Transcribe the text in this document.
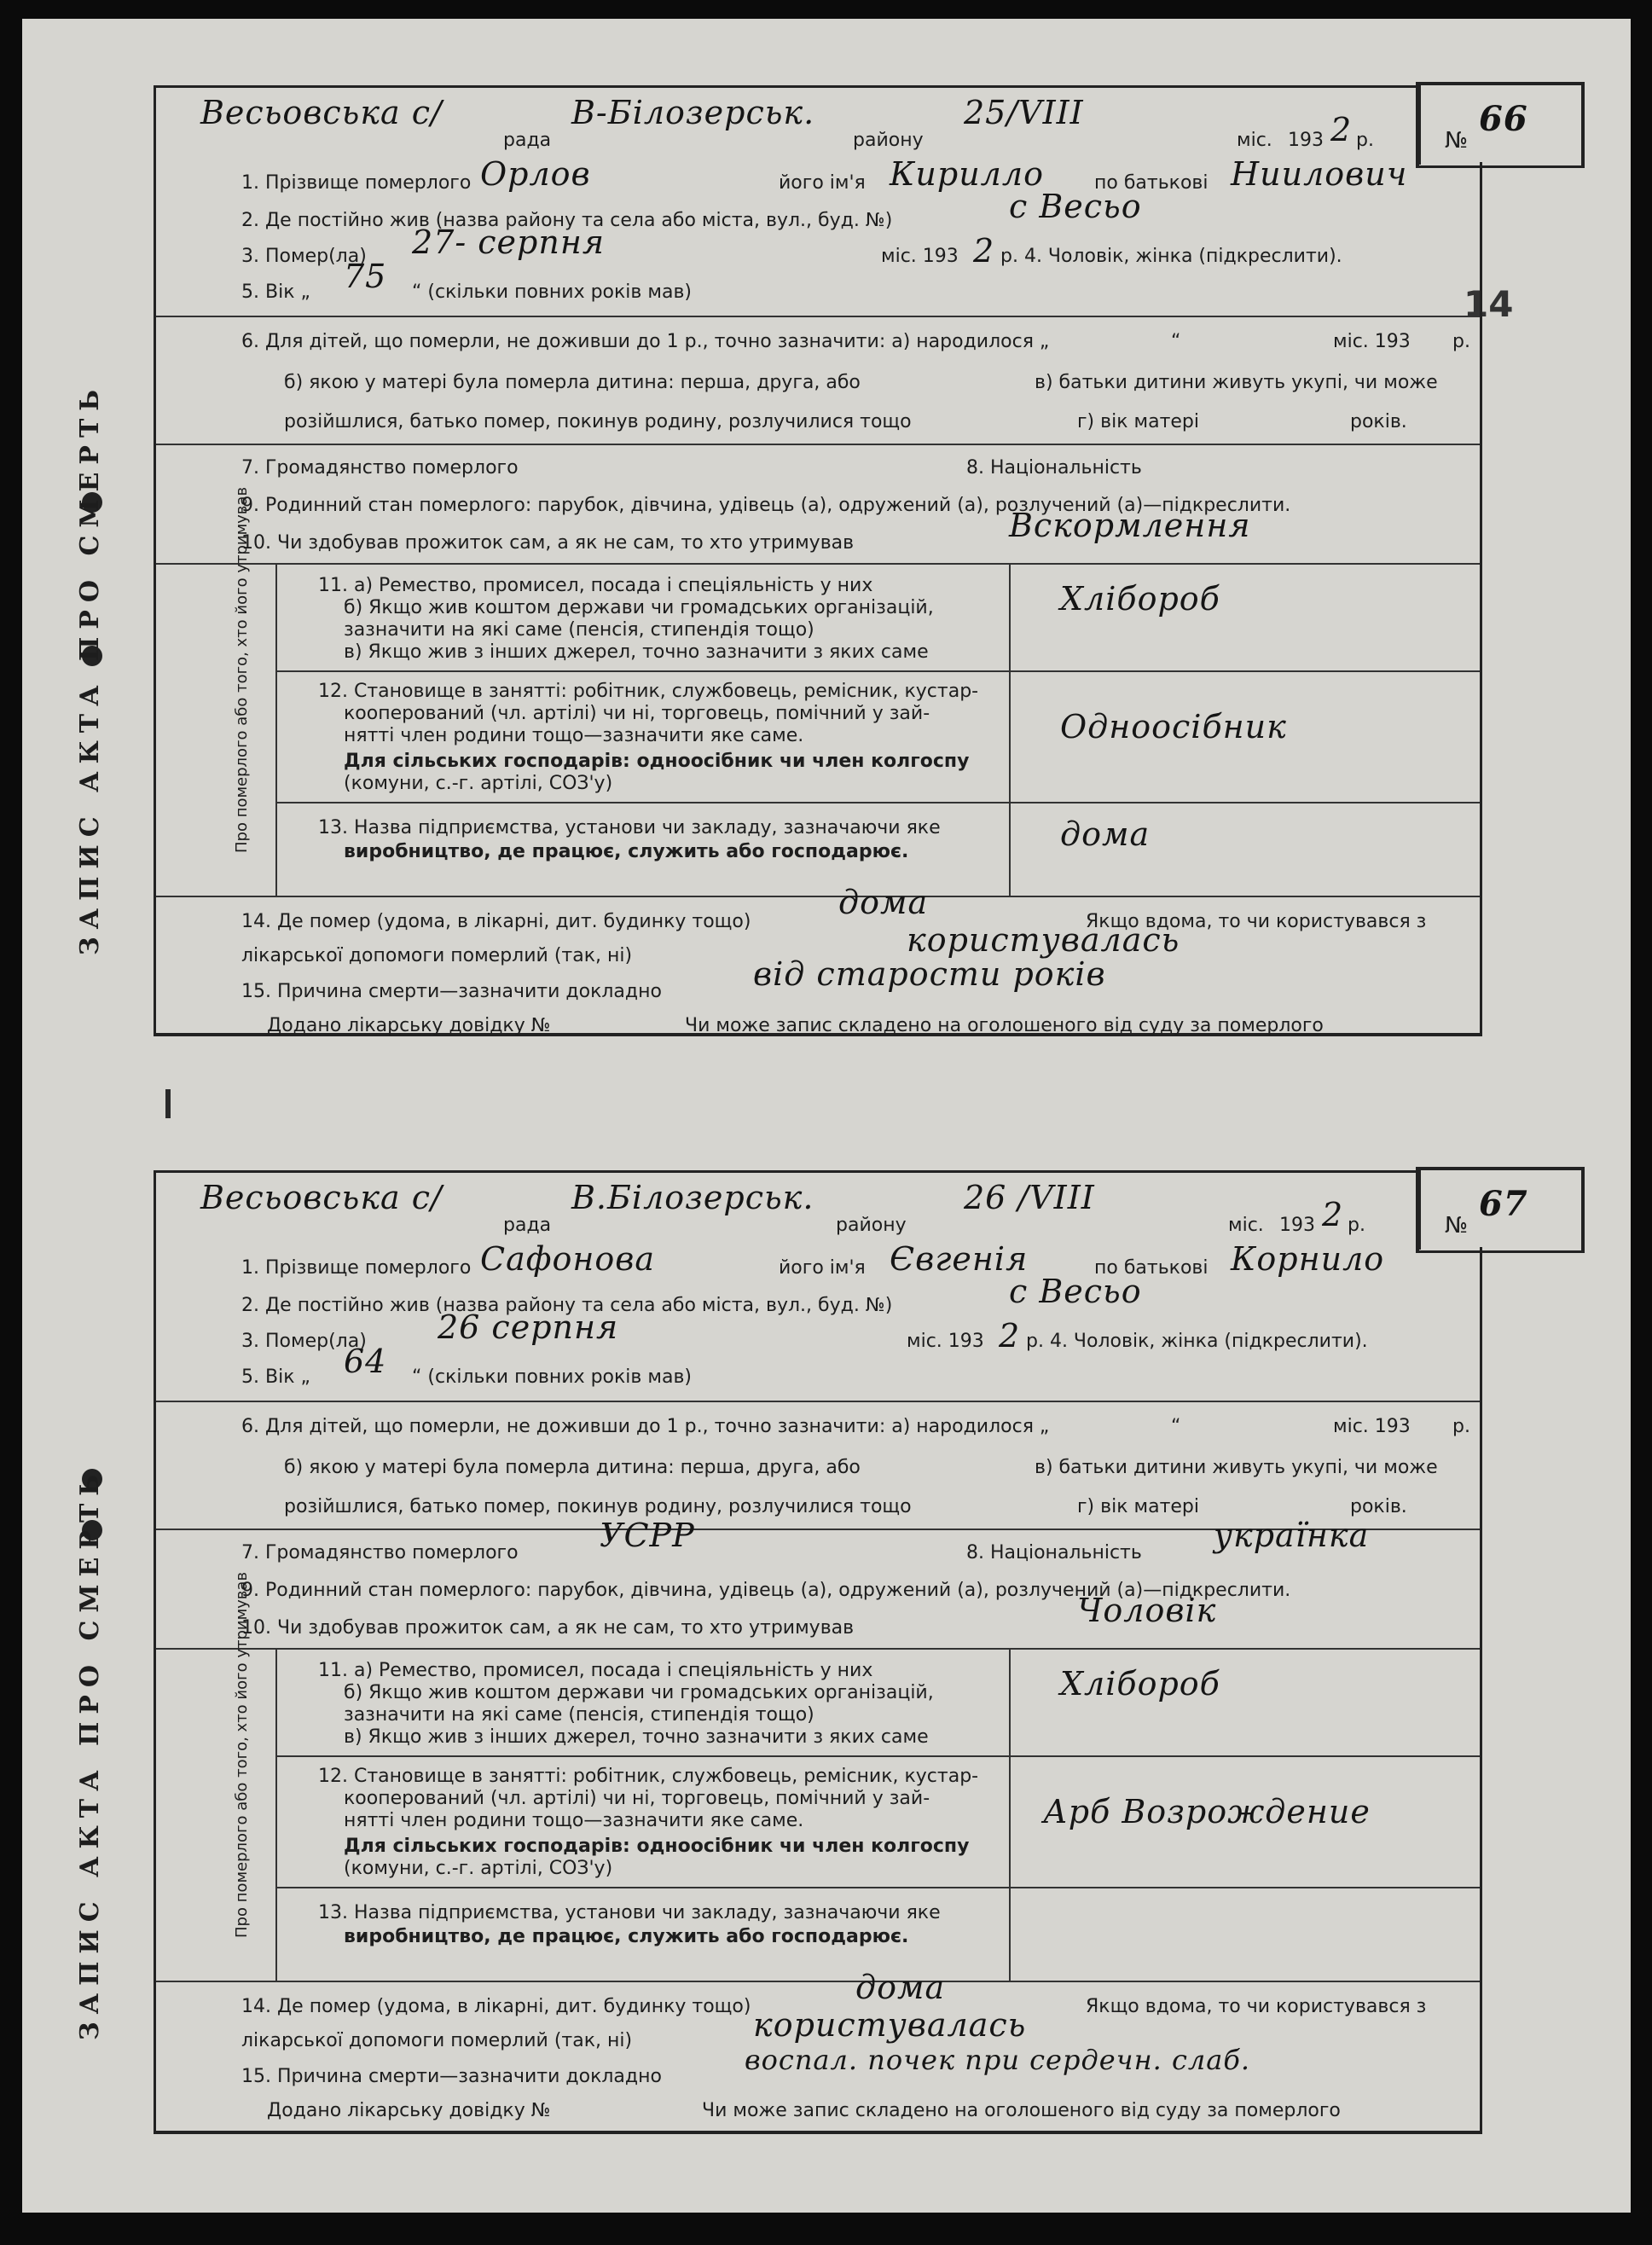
14
ЗАПИС АКТА ПРО СМЕРТЬ
№
66
Весьовська с/
рада
В-Білозерськ.
району
25/VIII
міс. 193 2 р.
1. Прізвище померлого Орлов	його ім'я Кирилло	по батькові Ниилович
2. Де постійно жив (назва району та села або міста, вул., буд. №)	с Весьо
3. Помер(ла) 27- серпня	міс. 193 2 р. 4. Чоловік, жінка (підкреслити).
5. Вік „ 75 “ (скільки повних років мав)
6. Для дітей, що померли, не доживши до 1 р., точно зазначити: а) народилося „	“	міс. 193 р.
б) якою у матері була померла дитина: перша, друга, або	в) батьки дитини живуть укупі, чи може
розійшлися, батько помер, покинув родину, розлучилися тощо	г) вік матері	років.
7. Громадянство померлого	8. Національність
9. Родинний стан померлого: парубок, дівчина, удівець (а), одружений (а), розлучений (а)—підкреслити.
10. Чи здобував прожиток сам, а як не сам, то хто утримував	Вскормлення
Про померлого або того, хто його утримував	11. а) Ремество, промисел, посада і спеціяльність у них
б) Якщо жив коштом держави чи громадських організацій,
зазначити на які саме (пенсія, стипендія тощо)
в) Якщо жив з інших джерел, точно зазначити з яких саме
Хлібороб
12. Становище в занятті: робітник, службовець, ремісник, кустар-
кооперований (чл. артілі) чи ні, торговець, помічний у зай-
нятті член родини тощо—зазначити яке саме.
Для сільських господарів: одноосібник чи член колгоспу
(комуни, с.-г. артілі, СОЗ'у)
Одноосібник
13. Назва підприємства, установи чи закладу, зазначаючи яке
виробництво, де працює, служить або господарює.	дома
14. Де помер (удома, в лікарні, дит. будинку тощо)
дома
Якщо вдома, то чи користувався з
лікарської допомоги померлий (так, ні)	користувалась
15. Причина смерти—зазначити докладно	від старости років
Додано лікарську довідку №	Чи може запис складено на оголошеного від суду за померлого
ЗАПИС АКТА ПРО СМЕРТЬ
№
67
Весьовська с/
рада
В.Білозерськ.
району
26 /VIII
міс. 193 2 р.
1. Прізвище померлого Сафонова	його ім'я Євгенія	по батькові Корнило
2. Де постійно жив (назва району та села або міста, вул., буд. №)	с Весьо
3. Помер(ла) 26 серпня	міс. 193 2 р. 4. Чоловік, жінка (підкреслити).
5. Вік „ 64 “ (скільки повних років мав)
6. Для дітей, що померли, не доживши до 1 р., точно зазначити: а) народилося „	“	міс. 193 р.
б) якою у матері була померла дитина: перша, друга, або	в) батьки дитини живуть укупі, чи може
розійшлися, батько помер, покинув родину, розлучилися тощо	г) вік матері	років.
7. Громадянство померлого	УСРР	8. Національність українка
9. Родинний стан померлого: парубок, дівчина, удівець (а), одружений (а), розлучений (а)—підкреслити.
10. Чи здобував прожиток сам, а як не сам, то хто утримував	Чоловік
Про померлого або того, хто його утримував	11. а) Ремество, промисел, посада і спеціяльність у них
б) Якщо жив коштом держави чи громадських організацій,
зазначити на які саме (пенсія, стипендія тощо)
в) Якщо жив з інших джерел, точно зазначити з яких саме
Хлібороб
12. Становище в занятті: робітник, службовець, ремісник, кустар-
кооперований (чл. артілі) чи ні, торговець, помічний у зай-
нятті член родини тощо—зазначити яке саме.
Для сільських господарів: одноосібник чи член колгоспу
(комуни, с.-г. артілі, СОЗ'у)
Арб Возрождение
13. Назва підприємства, установи чи закладу, зазначаючи яке
виробництво, де працює, служить або господарює.
14. Де помер (удома, в лікарні, дит. будинку тощо)
дома
Якщо вдома, то чи користувався з
лікарської допомоги померлий (так, ні)	користувалась
15. Причина смерти—зазначити докладно
воспал. почек при сердечн. слаб.
Додано лікарську довідку №	Чи може запис складено на оголошеного від суду за померлого
